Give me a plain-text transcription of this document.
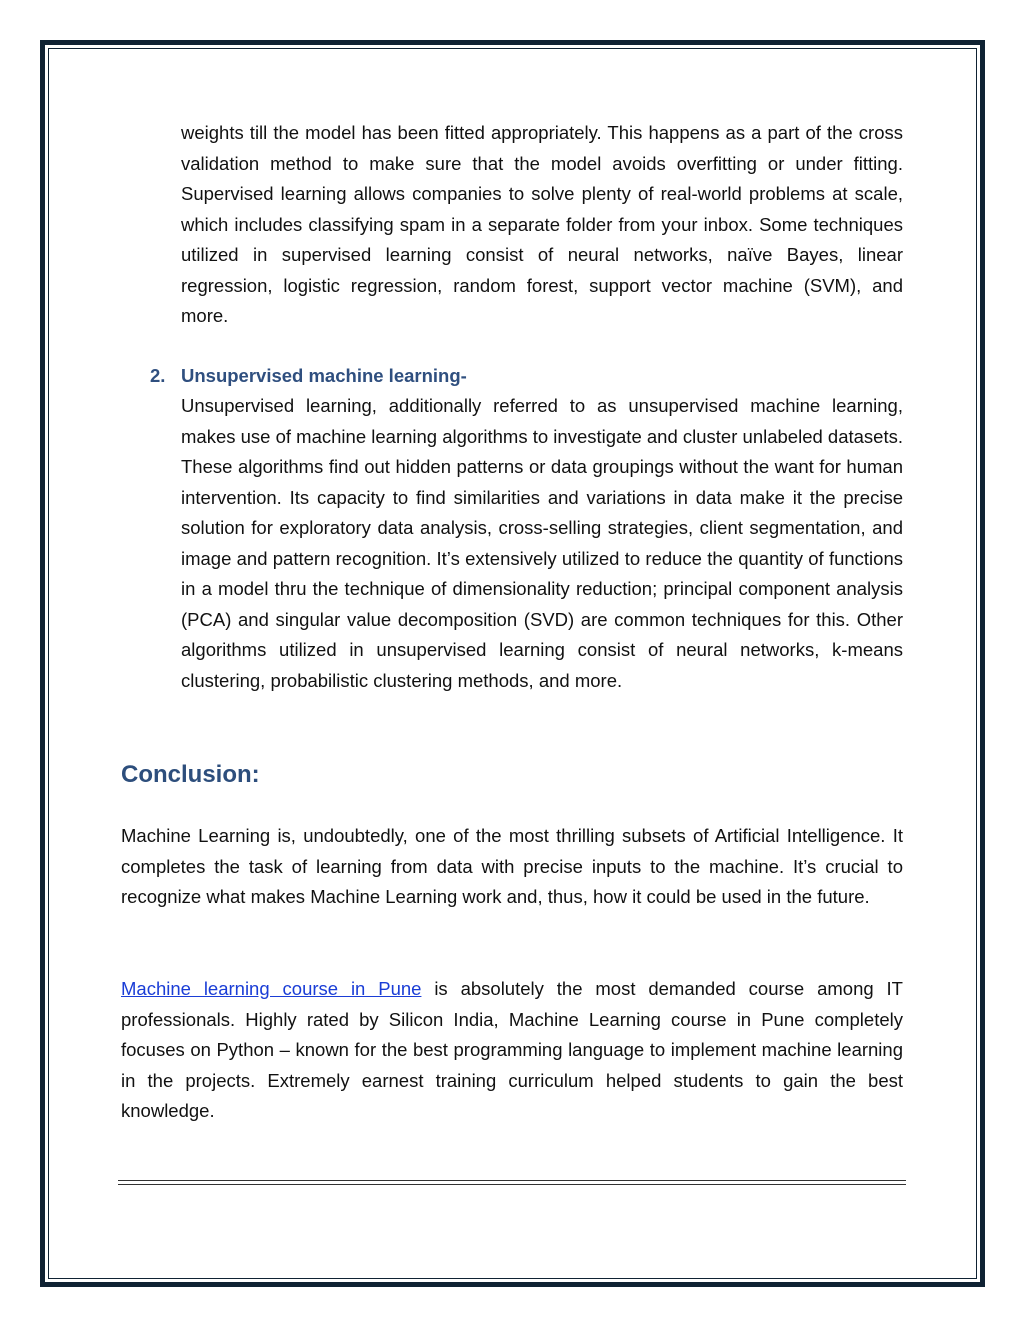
weights till the model has been fitted appropriately. This happens as a part of the cross validation method to make sure that the model avoids overfitting or under fitting. Supervised learning allows companies to solve plenty of real-world problems at scale, which includes classifying spam in a separate folder from your inbox. Some techniques utilized in supervised learning consist of neural networks, naïve Bayes, linear regression, logistic regression, random forest, support vector machine (SVM), and more.

2. Unsupervised machine learning-

Unsupervised learning, additionally referred to as unsupervised machine learning, makes use of machine learning algorithms to investigate and cluster unlabeled datasets. These algorithms find out hidden patterns or data groupings without the want for human intervention. Its capacity to find similarities and variations in data make it the precise solution for exploratory data analysis, cross-selling strategies, client segmentation, and image and pattern recognition. It’s extensively utilized to reduce the quantity of functions in a model thru the technique of dimensionality reduction; principal component analysis (PCA) and singular value decomposition (SVD) are common techniques for this. Other algorithms utilized in unsupervised learning consist of neural networks, k-means clustering, probabilistic clustering methods, and more.

Conclusion:

Machine Learning is, undoubtedly, one of the most thrilling subsets of Artificial Intelligence. It completes the task of learning from data with precise inputs to the machine. It’s crucial to recognize what makes Machine Learning work and, thus, how it could be used in the future.

Machine learning course in Pune is absolutely the most demanded course among IT professionals. Highly rated by Silicon India, Machine Learning course in Pune completely focuses on Python – known for the best programming language to implement machine learning in the projects. Extremely earnest training curriculum helped students to gain the best knowledge.
